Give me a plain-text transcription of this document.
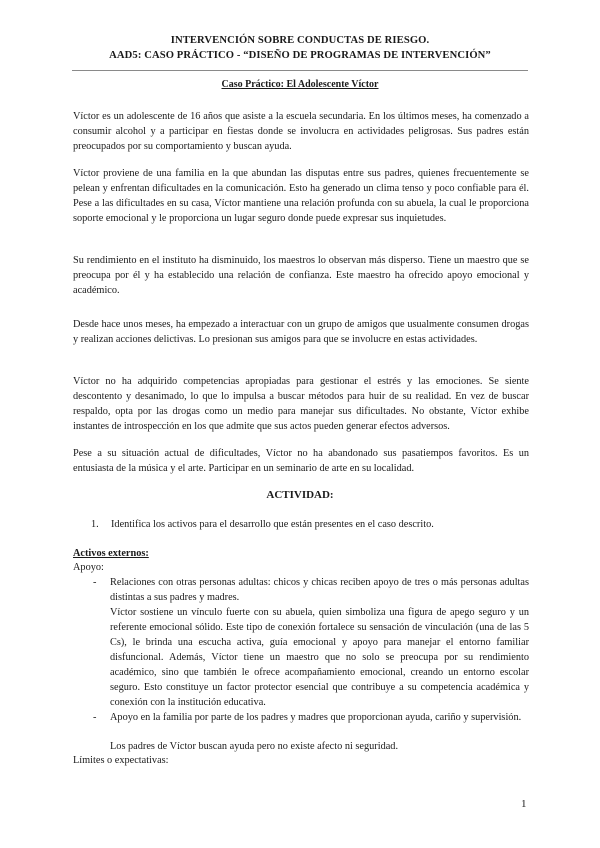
INTERVENCIÓN SOBRE CONDUCTAS DE RIESGO.
AAD5: CASO PRÁCTICO - “DISEÑO DE PROGRAMAS DE INTERVENCIÓN”
Caso Práctico: El Adolescente Víctor

Víctor es un adolescente de 16 años que asiste a la escuela secundaria. En los últimos meses, ha comenzado a consumir alcohol y a participar en fiestas donde se involucra en actividades peligrosas. Sus padres están preocupados por su comportamiento y buscan ayuda.

Víctor proviene de una familia en la que abundan las disputas entre sus padres, quienes frecuentemente se pelean y enfrentan dificultades en la comunicación. Esto ha generado un clima tenso y poco confiable para él. Pese a las dificultades en su casa, Víctor mantiene una relación profunda con su abuela, la cual le proporciona soporte emocional y le proporciona un lugar seguro donde puede expresar sus inquietudes.

Su rendimiento en el instituto ha disminuido, los maestros lo observan más disperso. Tiene un maestro que se preocupa por él y ha establecido una relación de confianza. Este maestro ha ofrecido apoyo emocional y académico.

Desde hace unos meses, ha empezado a interactuar con un grupo de amigos que usualmente consumen drogas y realizan acciones delictivas. Lo presionan sus amigos para que se involucre en estas actividades.

Víctor no ha adquirido competencias apropiadas para gestionar el estrés y las emociones. Se siente descontento y desanimado, lo que lo impulsa a buscar métodos para huir de su realidad. En vez de buscar respaldo, opta por las drogas como un medio para manejar sus dificultades. No obstante, Víctor exhibe instantes de introspección en los que admite que sus actos pueden generar efectos adversos.

Pese a su situación actual de dificultades, Víctor no ha abandonado sus pasatiempos favoritos. Es un entusiasta de la música y el arte. Participar en un seminario de arte en su localidad.

ACTIVIDAD:
1. Identifica los activos para el desarrollo que están presentes en el caso descrito.
Activos externos:
Apoyo:
- Relaciones con otras personas adultas: chicos y chicas reciben apoyo de tres o más personas adultas distintas a sus padres y madres.

Víctor sostiene un vínculo fuerte con su abuela, quien simboliza una figura de apego seguro y un referente emocional sólido. Este tipo de conexión fortalece su sensación de vinculación (una de las 5 Cs), le brinda una escucha activa, guía emocional y apoyo para manejar el entorno familiar disfuncional. Además, Víctor tiene un maestro que no solo se preocupa por su rendimiento académico, sino que también le ofrece acompañamiento emocional, creando un entorno escolar seguro. Esto constituye un factor protector esencial que contribuye a su competencia académica y conexión con la institución educativa.

- Apoyo en la familia por parte de los padres y madres que proporcionan ayuda, cariño y supervisión.

Los padres de Víctor buscan ayuda pero no existe afecto ni seguridad.

Límites o expectativas:
1
